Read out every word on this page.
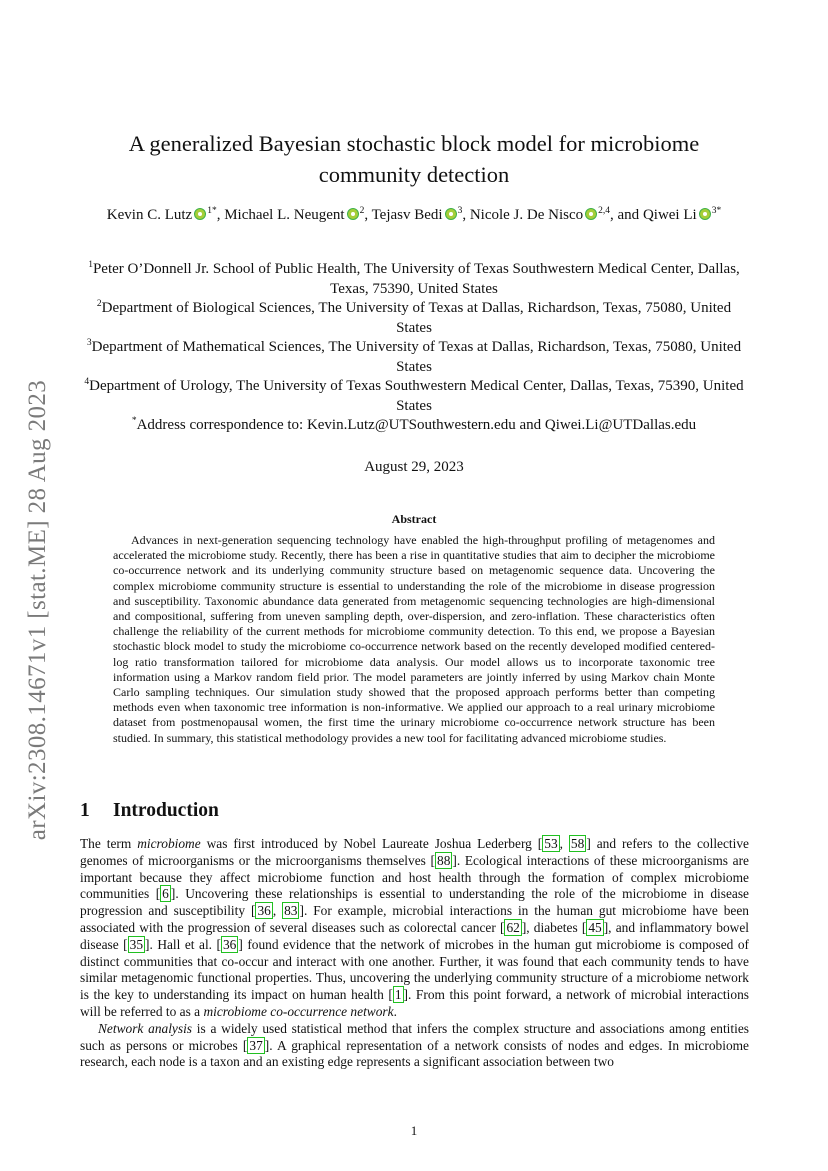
arXiv:2308.14671v1 [stat.ME] 28 Aug 2023
A generalized Bayesian stochastic block model for microbiome
community detection
Kevin C. Lutz $^{1*}$, Michael L. Neugent $^2$, Tejasv Bedi $^3$, Nicole J. De Nisco $^{2,4}$, and Qiwei Li $^{3*}$

$^1$Peter O’Donnell Jr. School of Public Health, The University of Texas Southwestern Medical Center, Dallas, Texas, 75390, United States

$^2$Department of Biological Sciences, The University of Texas at Dallas, Richardson, Texas, 75080, United States

$^3$Department of Mathematical Sciences, The University of Texas at Dallas, Richardson, Texas, 75080, United States

$^4$Department of Urology, The University of Texas Southwestern Medical Center, Dallas, Texas, 75390, United States

*Address correspondence to: Kevin.Lutz@UTSouthwestern.edu and Qiwei.Li@UTDallas.edu

August 29, 2023
Abstract

Advances in next-generation sequencing technology have enabled the high-throughput profiling of metagenomes and accelerated the microbiome study. Recently, there has been a rise in quantitative studies that aim to decipher the microbiome co-occurrence network and its underlying community structure based on metagenomic sequence data. Uncovering the complex microbiome community structure is essential to understanding the role of the microbiome in disease progression and susceptibility. Taxonomic abundance data generated from metagenomic sequencing technologies are high-dimensional and compositional, suffering from uneven sampling depth, over-dispersion, and zero-inflation. These characteristics often challenge the reliability of the current methods for microbiome community detection. To this end, we propose a Bayesian stochastic block model to study the microbiome co-occurrence network based on the recently developed modified centered-log ratio transformation tailored for microbiome data analysis. Our model allows us to incorporate taxonomic tree information using a Markov random field prior. The model parameters are jointly inferred by using Markov chain Monte Carlo sampling techniques. Our simulation study showed that the proposed approach performs better than competing methods even when taxonomic tree information is non-informative. We applied our approach to a real urinary microbiome dataset from postmenopausal women, the first time the urinary microbiome co-occurrence network structure has been studied. In summary, this statistical methodology provides a new tool for facilitating advanced microbiome studies.

1 Introduction

The term microbiome was first introduced by Nobel Laureate Joshua Lederberg [ 53 , 58 ] and refers to the collective genomes of microorganisms or the microorganisms themselves [ 88 ]. Ecological interactions of these microorganisms are important because they affect microbiome function and host health through the formation of complex microbiome communities [ 6 ]. Uncovering these relationships is essential to understanding the role of the microbiome in disease progression and susceptibility [ 36 , 83 ]. For example, microbial interactions in the human gut microbiome have been associated with the progression of several diseases such as colorectal cancer [ 62 ], diabetes [ 45 ], and inflammatory bowel disease [ 35 ]. Hall et al. [ 36 ] found evidence that the network of microbes in the human gut microbiome is composed of distinct communities that co-occur and interact with one another. Further, it was found that each community tends to have similar metagenomic functional properties. Thus, uncovering the underlying community structure of a microbiome network is the key to understanding its impact on human health [ 1 ]. From this point forward, a network of microbial interactions will be referred to as a microbiome co-occurrence network.

Network analysis is a widely used statistical method that infers the complex structure and associations among entities such as persons or microbes [ 37 ]. A graphical representation of a network consists of nodes and edges. In microbiome research, each node is a taxon and an existing edge represents a significant association between two

1
